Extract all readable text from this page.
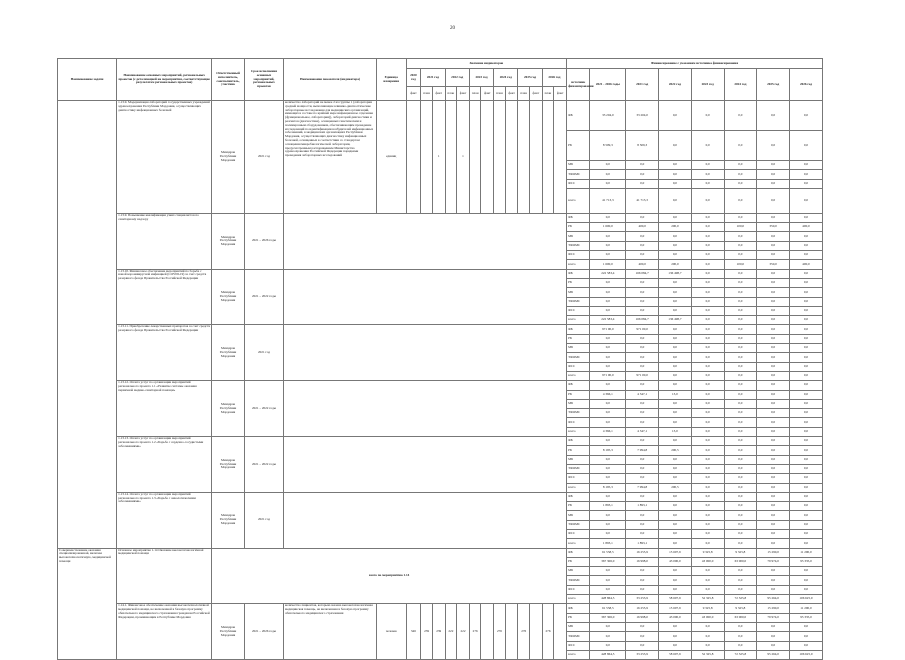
20
Наименование задачи	Наименование основных мероприятий, региональных проектов (с детализацией на мероприятия, соответствующие результатам региональных проектов)	Ответственный исполнитель, соисполнитель, участник	Срок исполнения основных мероприятий, региональных проектов	Наименование показателя (индикатора)	Единица измерения	Значение индикаторов													Финансирование с указанием источника финансирования							
						2020 год	2021 год		2022 год		2023 год		2024 год		2025 год		2026 год		источник финансирования	2021 - 2026 годы	2021 год	2022 год	2023 год	2024 год	2025 год	2026 год
						факт	план	факт	план	факт	план	факт	план	факт	план	факт	план	факт								
	1.13.9. Модернизация лабораторий государственных учреждений здравоохранения Республики Мордовия, осуществляющих диагностику инфекционных болезней	Минздрав Республики Мордовия	2021 год	количество лабораторий не менее 2 из группы 1 (лаборатории средней мощности, выполняющие клинико-диагностические лабораторные исследования для медицинских организаций, имеющих в составе по крайней мере инфекционное отделение (функциональное, лаборатории)), лабораторий диагностики и реагентов (диагностика), оснащенных генетическим и полимеразным оборудованием, обеспечивающим проведение исследований по идентификации возбудителей инфекционных заболеваний, в медицинских организациях Республики Мордовия, осуществляющих диагностику инфекционных болезней, оснащенных в соответствии со стандартом оснащения микробиологической лаборатории, предусмотренным распоряжением Министерства здравоохранения Российской Федерации порядками проведения лабораторных исследований	единиц			1		1									ФБ	33 204,0	33 204,0	0,0	0,0	0,0	0,0	0,0
																			РБ	8 509,3	8 509,3	0,0	0,0	0,0	0,0	0,0
																			МБ	0,0	0,0	0,0	0,0	0,0	0,0	0,0
																			ТФОМС	0,0	0,0	0,0	0,0	0,0	0,0	0,0
																			ФСС	0,0	0,0	0,0	0,0	0,0	0,0	0,0
																			всего	41 713,3	41 713,3	0,0	0,0	0,0	0,0	0,0
	1.13.9. Повышение квалификации узких специалистов по санитарному надзору	Минздрав Республики Мордовия	2021 – 2026 годы																ФБ	0,0	0,0	0,0	0,0	0,0	0,0	0,0
																			РБ	1 600,0	400,0	200,0	0,0	100,0	350,0	400,0
																			МБ	0,0	0,0	0,0	0,0	0,0	0,0	0,0
																			ТФОМС	0,0	0,0	0,0	0,0	0,0	0,0	0,0
																			ФСС	0,0	0,0	0,0	0,0	0,0	0,0	0,0
																			всего	1 600,0	400,0	200,0	0,0	100,0	350,0	400,0
	1.13.10. Финансовое обеспечение мероприятий по борьбе с новой коронавирусной инфекцией (COVID-19) за счет средств резервного фонда Правительства Российской Федерации	Минздрав Республики Мордовия	2021 – 2022 годы																ФБ	222 583,4	166 084,7	136 498,7	0,0	0,0	0,0	0,0
																			РБ	0,0	0,0	0,0	0,0	0,0	0,0	0,0
																			МБ	0,0	0,0	0,0	0,0	0,0	0,0	0,0
																			ТФОМС	0,0	0,0	0,0	0,0	0,0	0,0	0,0
																			ФСС	0,0	0,0	0,0	0,0	0,0	0,0	0,0
																			всего	222 583,4	166 084,7	136 498,7	0,0	0,0	0,0	0,0
	1.13.11. Приобретение лекарственных препаратов за счет средств резервного фонда Правительства Российской Федерации	Минздрав Республики Мордовия	2021 год																ФБ	971 00,0	971 00,0	0,0	0,0	0,0	0,0	0,0
																			РБ	0,0	0,0	0,0	0,0	0,0	0,0	0,0
																			МБ	0,0	0,0	0,0	0,0	0,0	0,0	0,0
																			ТФОМС	0,0	0,0	0,0	0,0	0,0	0,0	0,0
																			ФСС	0,0	0,0	0,0	0,0	0,0	0,0	0,0
																			всего	971 00,0	971 00,0	0,0	0,0	0,0	0,0	0,0
	1.13.12. Оплата услуг по организации мероприятий регионального проекта 1.1 «Развитие системы оказания первичной медико-санитарной помощи»	Минздрав Республики Мордовия	2021 – 2022 годы																ФБ	0,0	0,0	0,0	0,0	0,0	0,0	0,0
																			РБ	4 366,1	4 347,1	13,0	0,0	0,0	0,0	0,0
																			МБ	0,0	0,0	0,0	0,0	0,0	0,0	0,0
																			ТФОМС	0,0	0,0	0,0	0,0	0,0	0,0	0,0
																			ФСС	0,0	0,0	0,0	0,0	0,0	0,0	0,0
																			всего	4 366,1	4 347,1	13,0	0,0	0,0	0,0	0,0
	1.13.13. Оплата услуг по организации мероприятий регионального проекта 1.2 «Борьба с сердечно-сосудистыми заболеваниями»	Минздрав Республики Мордовия	2021 – 2022 годы																ФБ	0,0	0,0	0,0	0,0	0,0	0,0	0,0
																			РБ	8 195,3	7 994,8	200,5	0,0	0,0	0,0	0,0
																			МБ	0,0	0,0	0,0	0,0	0,0	0,0	0,0
																			ТФОМС	0,0	0,0	0,0	0,0	0,0	0,0	0,0
																			ФСС	0,0	0,0	0,0	0,0	0,0	0,0	0,0
																			всего	8 195,3	7 994,8	200,5	0,0	0,0	0,0	0,0
	1.13.14. Оплата услуг по организации мероприятий регионального проекта 1.3 «Борьба с онкологическими заболеваниями»	Минздрав Республики Мордовия	2021 год																ФБ	0,0	0,0	0,0	0,0	0,0	0,0	0,0
																			РБ	1 893,1	1 893,1	0,0	0,0	0,0	0,0	0,0
																			МБ	0,0	0,0	0,0	0,0	0,0	0,0	0,0
																			ТФОМС	0,0	0,0	0,0	0,0	0,0	0,0	0,0
																			ФСС	0,0	0,0	0,0	0,0	0,0	0,0	0,0
																			всего	1 893,1	1 893,1	0,0	0,0	0,0	0,0	0,0
Совершенствование оказания специализированной, включая высокотехнологичную, медицинской помощи	Основное мероприятие 1.14 Оказание высокотехнологичной медицинской помощи	всего по мероприятию 1.14																	ФБ	61 558,5	16 255,9	15 607,9	9 325,8	9 325,8	15 290,0	11 290,0
																			РБ	367 306,0	16 998,0	43 000,0	43 000,0	63 000,0	79 974,0	95 335,0
																			МБ	0,0	0,0	0,0	0,0	0,0	0,0	0,0
																			ТФОМС	0,0	0,0	0,0	0,0	0,0	0,0	0,0
																			ФСС	0,0	0,0	0,0	0,0	0,0	0,0	0,0
																			всего	428 864,5	33 253,9	58 607,9	52 325,8	72 325,8	95 264,0	106 625,0
	1.14.1. Финансовое обеспечение оказания высокотехнологичной медицинской помощи, не включенной в базовую программу обязательного медицинского страхования гражданам Российской Федерации, проживающим в Республике Мордовия	Минздрав Республики Мордовия	2021 – 2026 годы	количество пациентов, которым оказана высокотехнологичная медицинская помощь, не включенная в базовую программу обязательного медицинского страхования	человек	346	239	239	222	222	276		276		276		276		ФБ	61 558,5	16 255,9	15 607,9	9 325,8	9 325,8	15 290,0	11 290,0
																			РБ	367 306,0	16 998,0	43 000,0	43 000,0	63 000,0	79 974,0	95 335,0
																			МБ	0,0	0,0	0,0	0,0	0,0	0,0	0,0
																			ТФОМС	0,0	0,0	0,0	0,0	0,0	0,0	0,0
																			ФСС	0,0	0,0	0,0	0,0	0,0	0,0	0,0
																			всего	428 864,5	33 253,9	58 607,9	52 325,8	72 325,8	95 264,0	106 625,0
